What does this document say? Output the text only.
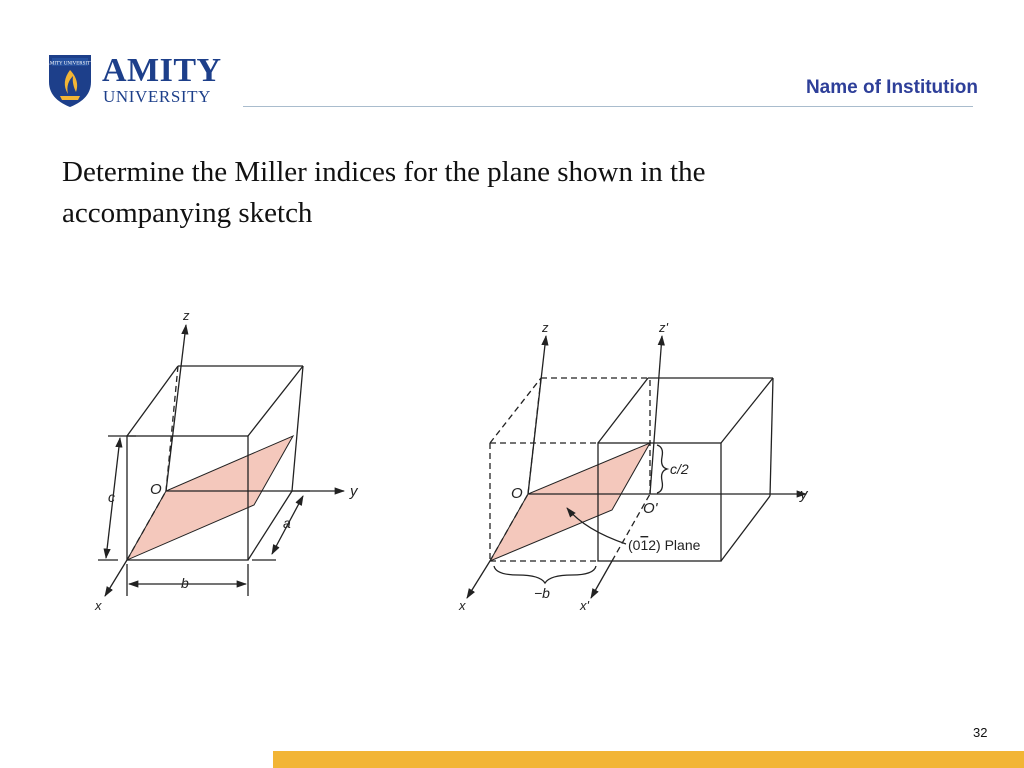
AMITY UNIVERSITY AMITY
UNIVERSITY	Name of Institution
Determine the Miller indices for the plane shown in the accompanying sketch
z
y
x
O
c
a
b
z	z'
y
x	x'
O
O'
c/2
−b
(012) Plane
32
